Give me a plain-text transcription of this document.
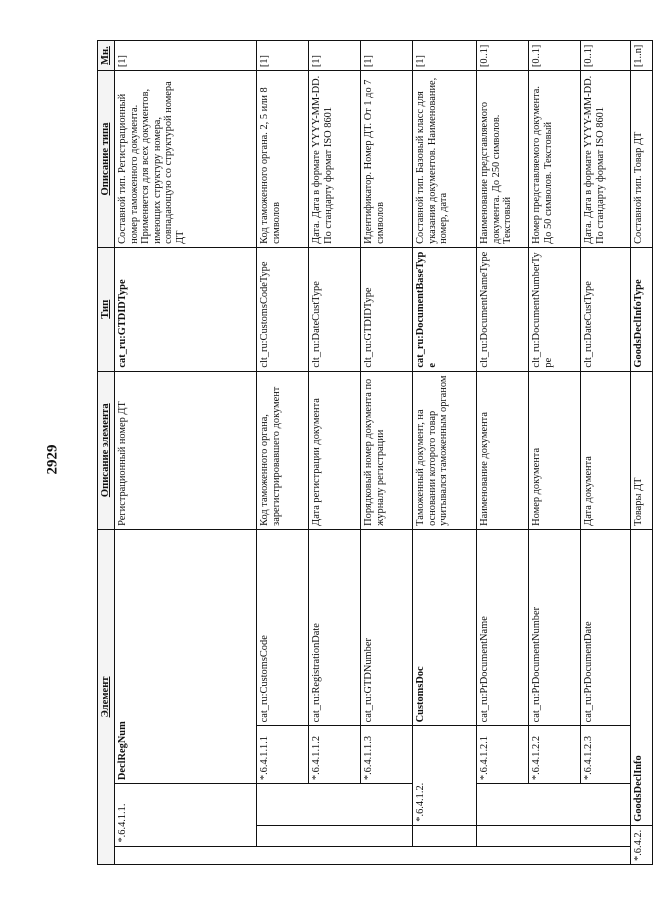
2929
Элемент					Описание элемента	Тип	Описание типа	Мн.
	*.6.4.1.1.		DeclRegNum		Регистрационный номер ДТ	cat_ru:GTDIDType	Составной тип. Регистрационный номер таможенного документа. Применяется для всех документов, имеющих структуру номера, совпадающую со структурой номера ДТ	[1]
			*.6.4.1.1.1	cat_ru:CustomsCode	Код таможенного органа, зарегистрировавшего документ	clt_ru:CustomsCodeType	Код таможенного органа. 2, 5 или 8 символов	[1]
			*.6.4.1.1.2	cat_ru:RegistrationDate	Дата регистрации документа	clt_ru:DateCustType	Дата. Дата в формате YYYY-MM-DD. По стандарту формат ISO 8601	[1]
			*.6.4.1.1.3	cat_ru:GTDNumber	Порядковый номер документа по журналу регистрации	clt_ru:GTDIDType	Идентификатор. Номер ДТ. От 1 до 7 символов	[1]
		*.6.4.1.2.		CustomsDoc	Таможенный документ, на основании которого товар учитывался таможенным органом	cat_ru:DocumentBaseType	Составной тип. Базовый класс для указания документов. Наименование, номер, дата	[1]
			*.6.4.1.2.1	cat_ru:PrDocumentName	Наименование документа	clt_ru:DocumentNameType	Наименование представляемого документа. До 250 символов. Текстовый	[0..1]
			*.6.4.1.2.2	cat_ru:PrDocumentNumber	Номер документа	clt_ru:DocumentNumberType	Номер представляемого документа. До 50 символов. Текстовый	[0..1]
			*.6.4.1.2.3	cat_ru:PrDocumentDate	Дата документа	clt_ru:DateCustType	Дата. Дата в формате YYYY-MM-DD. По стандарту формат ISO 8601	[0..1]
*.6.4.2.		GoodsDeclInfo			Товары ДТ	GoodsDeclInfoType	Составной тип. Товар ДТ	[1..n]
